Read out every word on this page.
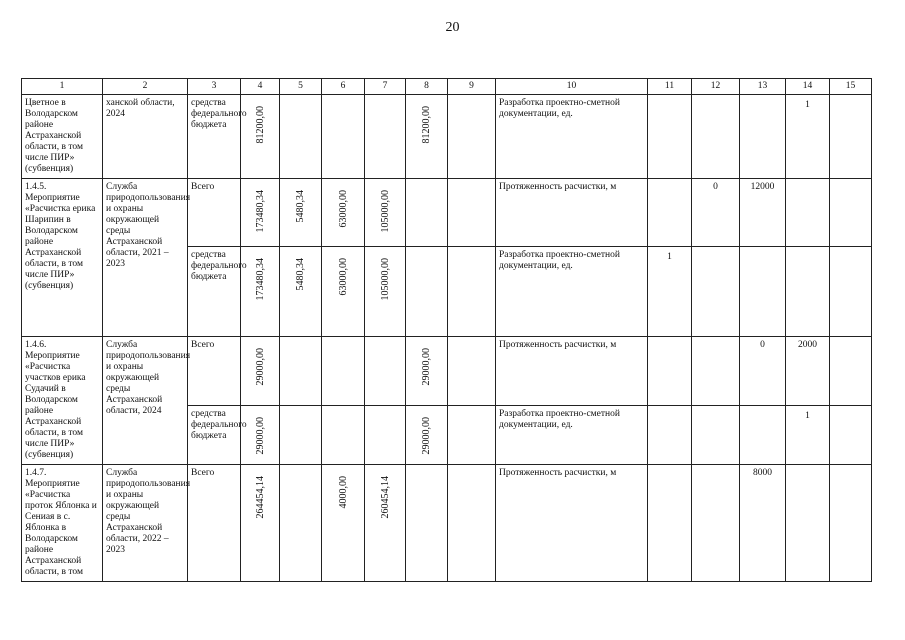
20
1	2	3	4	5	6	7	8	9	10	11	12	13	14	15
Цветное в Володарском районе Астраханской области, в том числе ПИР» (субвенция)	ханской области, 2024	средства федерального бюджета	81200,00				81200,00		Разработка проектно-сметной документации, ед.				1	
1.4.5. Мероприятие «Расчистка ерика Шарипин в Володарском районе Астраханской области, в том числе ПИР» (субвенция)	Служба природопользования и охраны окружающей среды Астраханской области, 2021 – 2023	Всего	173480,34	5480,34	63000,00	105000,00			Протяженность расчистки, м		0	12000		
		средства федерального бюджета	173480,34	5480,34	63000,00	105000,00			Разработка проектно-сметной документации, ед.	1				
1.4.6. Мероприятие «Расчистка участков ерика Судачий в Володарском районе Астраханской области, в том числе ПИР» (субвенция)	Служба природопользования и охраны окружающей среды Астраханской области, 2024	Всего	29000,00				29000,00		Протяженность расчистки, м			0	2000	
		средства федерального бюджета	29000,00				29000,00		Разработка проектно-сметной документации, ед.				1	
1.4.7. Мероприятие «Расчистка проток Яблонка и Сениая в с. Яблонка в Володарском районе Астраханской области, в том	Служба природопользования и охраны окружающей среды Астраханской области, 2022 – 2023	Всего	264454,14		4000,00	260454,14			Протяженность расчистки, м			8000		
